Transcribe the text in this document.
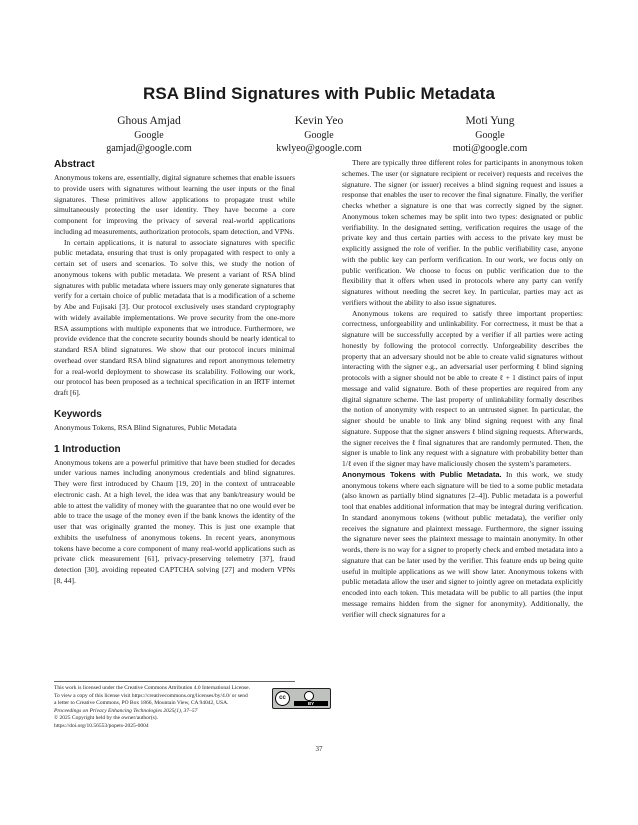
RSA Blind Signatures with Public Metadata
Ghous Amjad
Google
gamjad@google.com
Kevin Yeo
Google
kwlyeo@google.com
Moti Yung
Google
moti@google.com
Abstract

Anonymous tokens are, essentially, digital signature schemes that enable issuers to provide users with signatures without learning the user inputs or the final signatures. These primitives allow applications to propagate trust while simultaneously protecting the user identity. They have become a core component for improving the privacy of several real-world applications including ad measurements, authorization protocols, spam detection, and VPNs.

In certain applications, it is natural to associate signatures with specific public metadata, ensuring that trust is only propagated with respect to only a certain set of users and scenarios. To solve this, we study the notion of anonymous tokens with public metadata. We present a variant of RSA blind signatures with public metadata where issuers may only generate signatures that verify for a certain choice of public metadata that is a modification of a scheme by Abe and Fujisaki [3]. Our protocol exclusively uses standard cryptography with widely available implementations. We prove security from the one-more RSA assumptions with multiple exponents that we introduce. Furthermore, we provide evidence that the concrete security bounds should be nearly identical to standard RSA blind signatures. We show that our protocol incurs minimal overhead over standard RSA blind signatures and report anonymous telemetry for a real-world deployment to showcase its scalability. Following our work, our protocol has been proposed as a technical specification in an IRTF internet draft [6].

Keywords

Anonymous Tokens, RSA Blind Signatures, Public Metadata

1 Introduction

Anonymous tokens are a powerful primitive that have been studied for decades under various names including anonymous credentials and blind signatures. They were first introduced by Chaum [19, 20] in the context of untraceable electronic cash. At a high level, the idea was that any bank/treasury would be able to attest the validity of money with the guarantee that no one would ever be able to trace the usage of the money even if the bank knows the identity of the user that was originally granted the money. This is just one example that exhibits the usefulness of anonymous tokens. In recent years, anonymous tokens have become a core component of many real-world applications such as private click measurement [61], privacy-preserving telemetry [37], fraud detection [30], avoiding repeated CAPTCHA solving [27] and modern VPNs [8, 44].

This work is licensed under the Creative Commons Attribution 4.0 International License. To view a copy of this license visit https://creativecommons.org/licenses/by/4.0/ or send a letter to Creative Commons, PO Box 1866, Mountain View, CA 94042, USA.
Proceedings on Privacy Enhancing Technologies 2025(1), 37–57
© 2025 Copyright held by the owner/author(s).
https://doi.org/10.56553/popets-2025-0004
cc
BY

There are typically three different roles for participants in anonymous token schemes. The user (or signature recipient or receiver) requests and receives the signature. The signer (or issuer) receives a blind signing request and issues a response that enables the user to recover the final signature. Finally, the verifier checks whether a signature is one that was correctly signed by the signer. Anonymous token schemes may be split into two types: designated or public verifiability. In the designated setting, verification requires the usage of the private key and thus certain parties with access to the private key must be explicitly assigned the role of verifier. In the public verifiability case, anyone with the public key can perform verification. In our work, we focus only on public verification. We choose to focus on public verification due to the flexibility that it offers when used in protocols where any party can verify signatures without needing the secret key. In particular, parties may act as verifiers without the ability to also issue signatures.

Anonymous tokens are required to satisfy three important properties: correctness, unforgeability and unlinkability. For correctness, it must be that a signature will be successfully accepted by a verifier if all parties were acting honestly by following the protocol correctly. Unforgeability describes the property that an adversary should not be able to create valid signatures without interacting with the signer e.g., an adversarial user performing ℓ blind signing protocols with a signer should not be able to create ℓ + 1 distinct pairs of input message and valid signature. Both of these properties are required from any digital signature scheme. The last property of unlinkability formally describes the notion of anonymity with respect to an untrusted signer. In particular, the signer should be unable to link any blind signing request with any final signature. Suppose that the signer answers ℓ blind signing requests. Afterwards, the signer receives the ℓ final signatures that are randomly permuted. Then, the signer is unable to link any request with a signature with probability better than 1/ℓ even if the signer may have maliciously chosen the system’s parameters.

Anonymous Tokens with Public Metadata. In this work, we study anonymous tokens where each signature will be tied to a some public metadata (also known as partially blind signatures [2–4]). Public metadata is a powerful tool that enables additional information that may be integral during verification. In standard anonymous tokens (without public metadata), the verifier only receives the signature and plaintext message. Furthermore, the signer issuing the signature never sees the plaintext message to maintain anonymity. In other words, there is no way for a signer to properly check and embed metadata into a signature that can be later used by the verifier. This feature ends up being quite useful in multiple applications as we will show later. Anonymous tokens with public metadata allow the user and signer to jointly agree on metadata explicitly encoded into each token. This metadata will be public to all parties (the input message remains hidden from the signer for anonymity). Additionally, the verifier will check signatures for a

37
